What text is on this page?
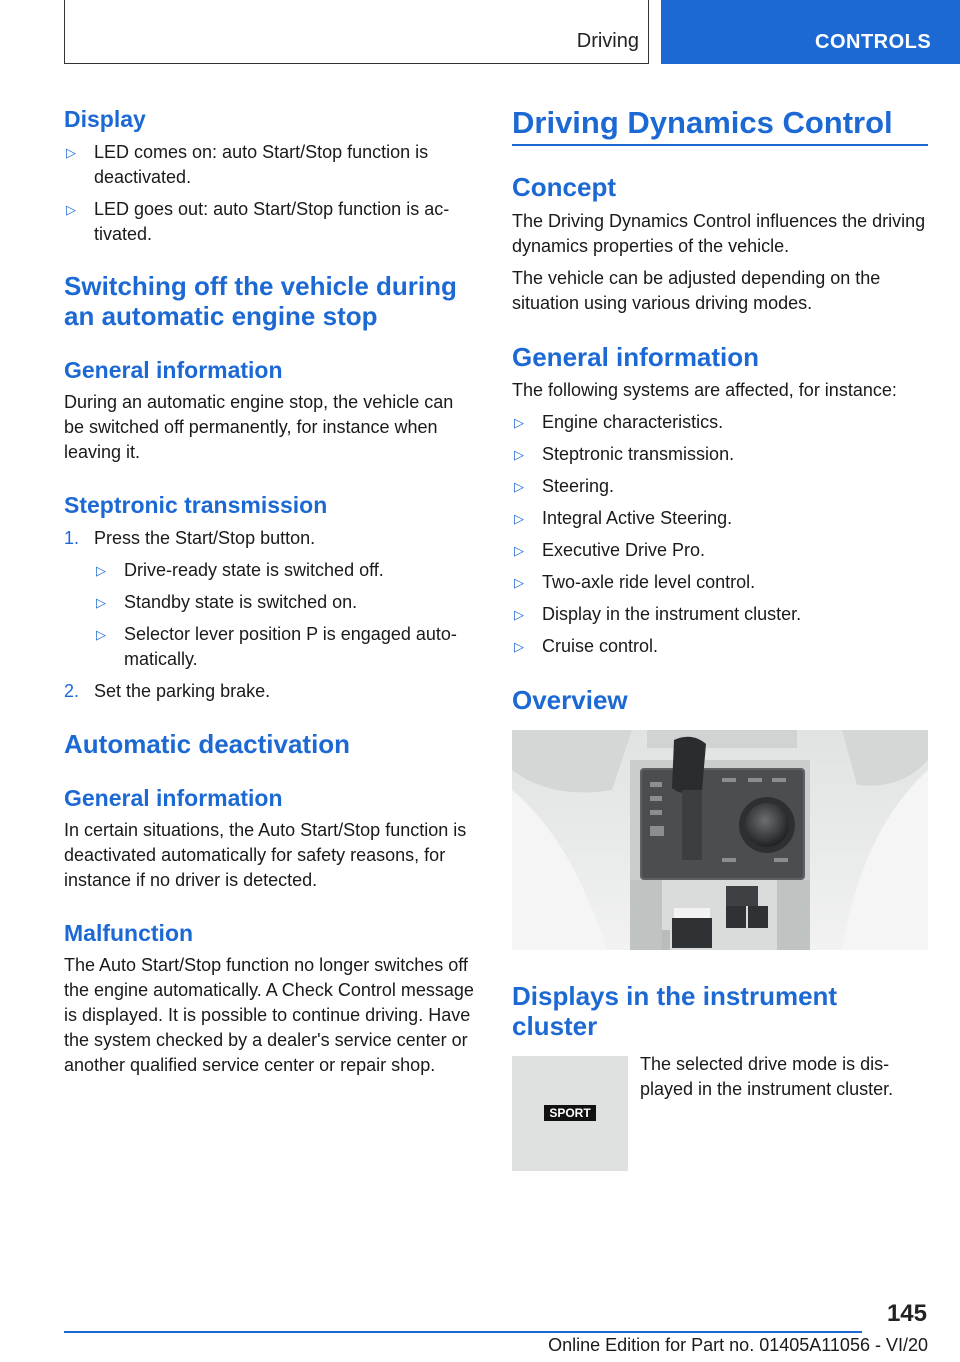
Driving	CONTROLS
Display
▷ LED comes on: auto Start/Stop function is deactivated.
▷ LED goes out: auto Start/Stop function is activated.
Switching off the vehicle during an automatic engine stop
General information

During an automatic engine stop, the vehicle can be switched off permanently, for instance when leaving it.

Steptronic transmission
1. Press the Start/Stop button.
▷ Drive-ready state is switched off.
▷ Standby state is switched on.
▷ Selector lever position P is engaged automatically.
2. Set the parking brake.
Automatic deactivation
General information

In certain situations, the Auto Start/Stop function is deactivated automatically for safety reasons, for instance if no driver is detected.

Malfunction

The Auto Start/Stop function no longer switches off the engine automatically. A Check Control message is displayed. It is possible to continue driving. Have the system checked by a dealer's service center or another qualified service center or repair shop.

Driving Dynamics Control
Concept

The Driving Dynamics Control influences the driving dynamics properties of the vehicle.

The vehicle can be adjusted depending on the situation using various driving modes.

General information

The following systems are affected, for instance:

▷ Engine characteristics.
▷ Steptronic transmission.
▷ Steering.
▷ Integral Active Steering.
▷ Executive Drive Pro.
▷ Two-axle ride level control.
▷ Display in the instrument cluster.
▷ Cruise control.
Overview
Displays in the instrument cluster
SPORT

The selected drive mode is displayed in the instrument cluster.

145
Online Edition for Part no. 01405A11056 - VI/20
